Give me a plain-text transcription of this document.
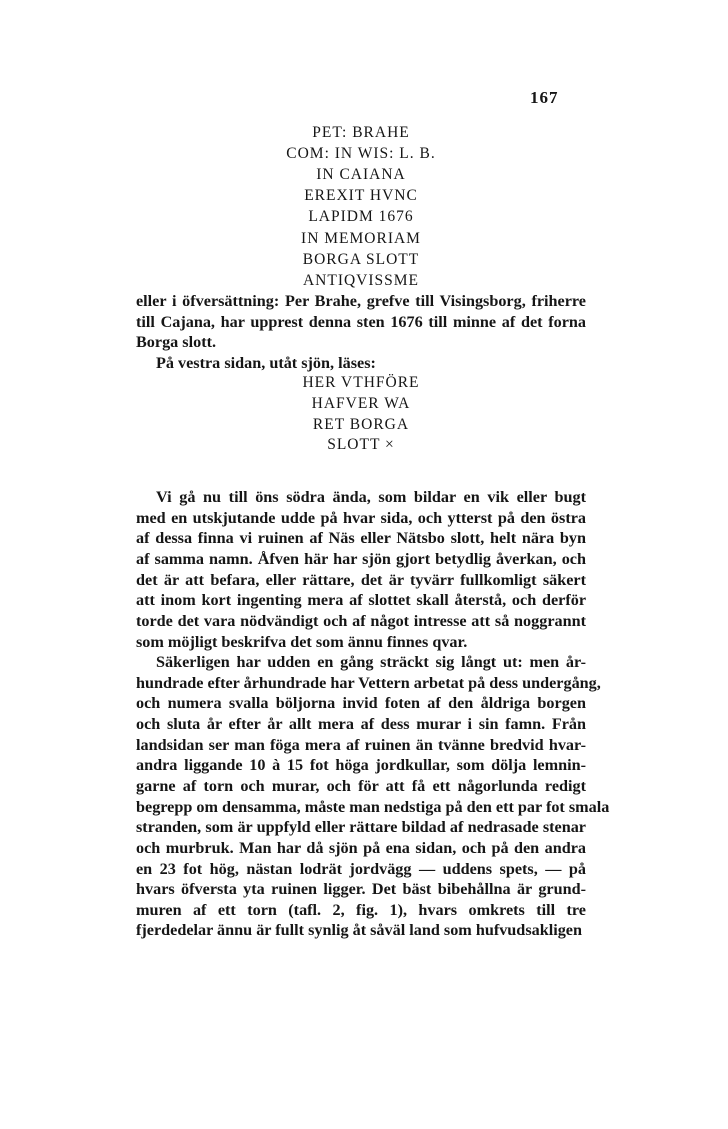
167
PET: BRAHE
COM: IN WIS: L. B.
IN CAIANA
EREXIT HVNC
LAPIDM 1676
IN MEMORIAM
BORGA SLOTT
ANTIQVISSME
eller i öfversättning: Per Brahe, grefve till Visingsborg, friherre
till Cajana, har upprest denna sten 1676 till minne af det forna
Borga slott.
På vestra sidan, utåt sjön, läses:
HER VTHFÖRE
HAFVER WA
RET BORGA
SLOTT ×
Vi gå nu till öns södra ända, som bildar en vik eller bugt
med en utskjutande udde på hvar sida, och ytterst på den östra
af dessa finna vi ruinen af Näs eller Nätsbo slott, helt nära byn
af samma namn. Åfven här har sjön gjort betydlig åverkan, och
det är att befara, eller rättare, det är tyvärr fullkomligt säkert
att inom kort ingenting mera af slottet skall återstå, och derför
torde det vara nödvändigt och af något intresse att så noggrannt
som möjligt beskrifva det som ännu finnes qvar.
Säkerligen har udden en gång sträckt sig långt ut: men år-
hundrade efter århundrade har Vettern arbetat på dess undergång,
och numera svalla böljorna invid foten af den åldriga borgen
och sluta år efter år allt mera af dess murar i sin famn. Från
landsidan ser man föga mera af ruinen än tvänne bredvid hvar-
andra liggande 10 à 15 fot höga jordkullar, som dölja lemnin-
garne af torn och murar, och för att få ett någorlunda redigt
begrepp om densamma, måste man nedstiga på den ett par fot smala
stranden, som är uppfyld eller rättare bildad af nedrasade stenar
och murbruk. Man har då sjön på ena sidan, och på den andra
en 23 fot hög, nästan lodrät jordvägg — uddens spets, — på
hvars öfversta yta ruinen ligger. Det bäst bibehållna är grund-
muren af ett torn (tafl. 2, fig. 1), hvars omkrets till tre
fjerdedelar ännu är fullt synlig åt såväl land som hufvudsakligen
